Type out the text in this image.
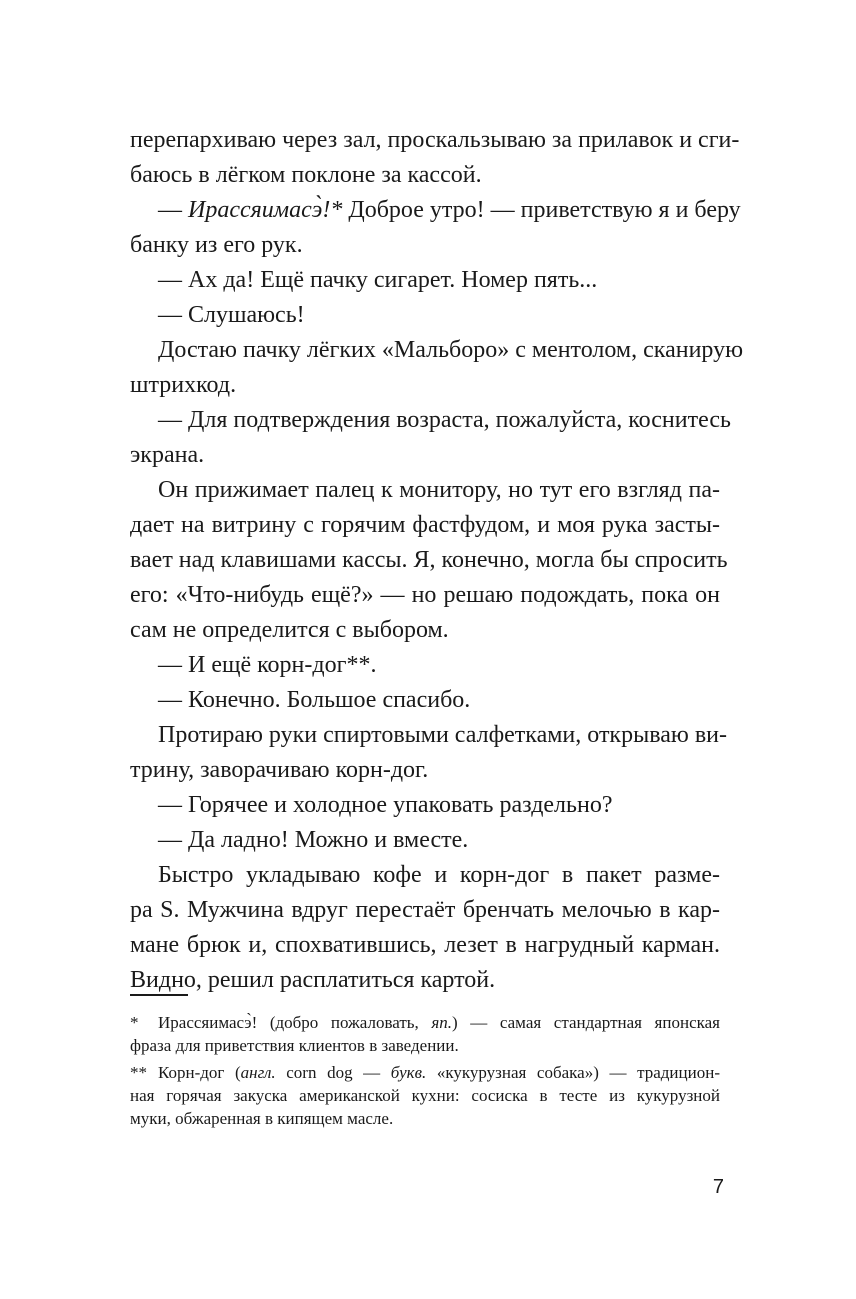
перепархиваю через зал, проскальзываю за прилавок и сги-
баюсь в лёгком поклоне за кассой.
— Ирассяимасэ̀!* Доброе утро! — приветствую я и беру
банку из его рук.
— Ах да! Ещё пачку сигарет. Номер пять...
— Слушаюсь!
Достаю пачку лёгких «Мальборо» с ментолом, сканирую
штрихкод.
— Для подтверждения возраста, пожалуйста, коснитесь
экрана.
Он прижимает палец к монитору, но тут его взгляд па-
дает на витрину с горячим фастфудом, и моя рука засты-
вает над клавишами кассы. Я, конечно, могла бы спросить
его: «Что-нибудь ещё?» — но решаю подождать, пока он
сам не определится с выбором.
— И ещё корн-дог**.
— Конечно. Большое спасибо.
Протираю руки спиртовыми салфетками, открываю ви-
трину, заворачиваю корн-дог.
— Горячее и холодное упаковать раздельно?
— Да ладно! Можно и вместе.
Быстро укладываю кофе и корн-дог в пакет разме-
ра S. Мужчина вдруг перестаёт бренчать мелочью в кар-
мане брюк и, спохватившись, лезет в нагрудный карман.
Видно, решил расплатиться картой.
* Ирассяимасэ̀! (добро пожаловать, яп.) — самая стандартная японская
фраза для приветствия клиентов в заведении.
** Корн-дог (англ. corn dog — букв. «кукурузная собака») — традицион-
ная горячая закуска американской кухни: сосиска в тесте из кукурузной
муки, обжаренная в кипящем масле.
7
